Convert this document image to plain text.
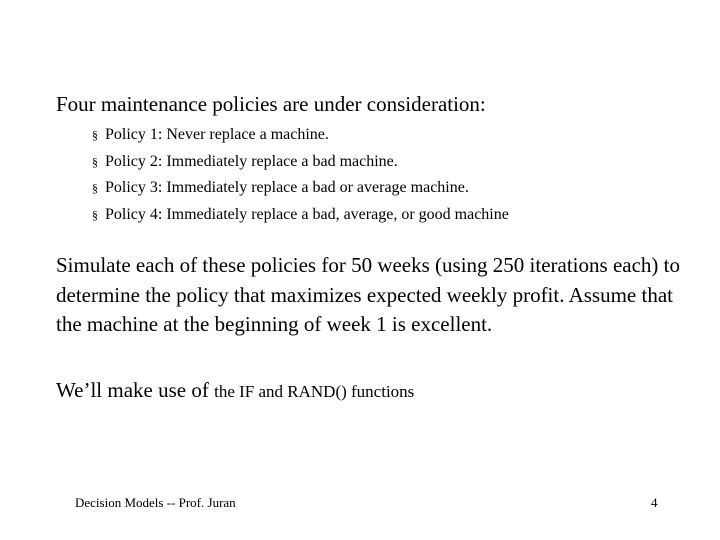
Four maintenance policies are under consideration:
§ Policy 1: Never replace a machine.
§ Policy 2: Immediately replace a bad machine.
§ Policy 3: Immediately replace a bad or average machine.
§ Policy 4: Immediately replace a bad, average, or good machine

Simulate each of these policies for 50 weeks (using 250 iterations each) to determine the policy that maximizes expected weekly profit. Assume that the machine at the beginning of week 1 is excellent.

We’ll make use of the IF and RAND() functions
Decision Models -- Prof. Juran	4
